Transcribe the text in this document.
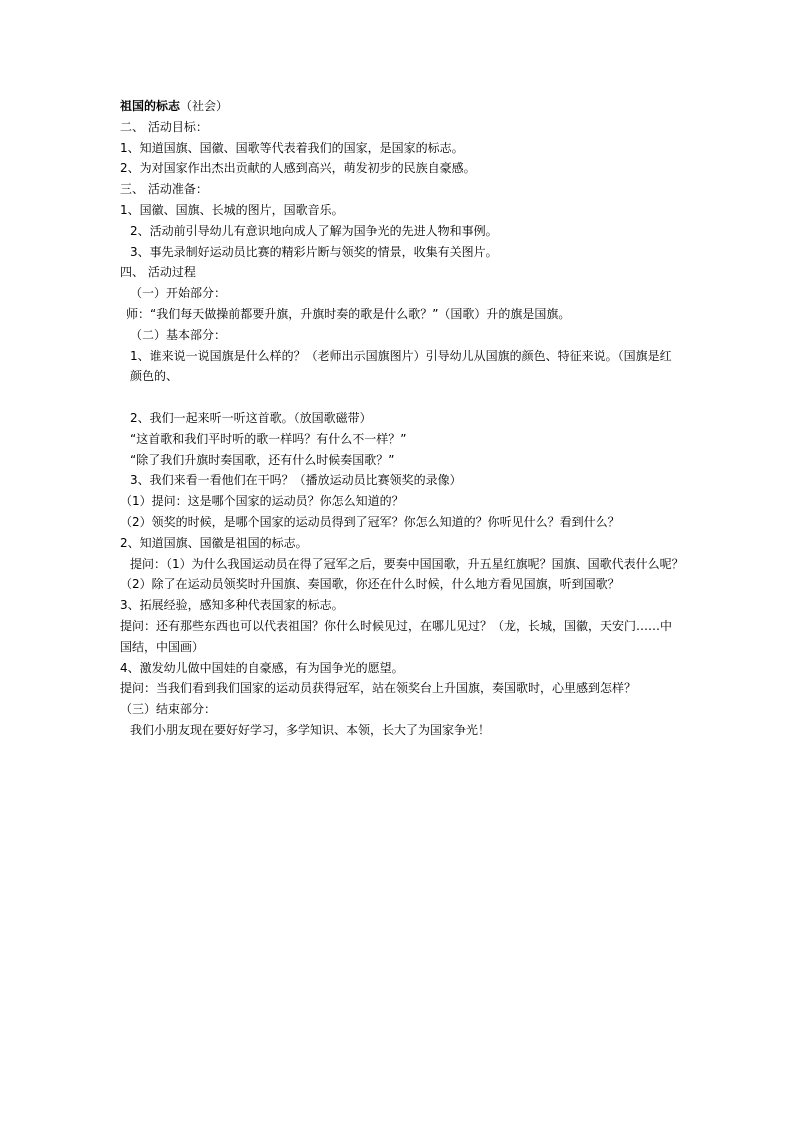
祖国的标志（社会）

二、 活动目标：

1、知道国旗、国徽、国歌等代表着我们的国家，是国家的标志。

2、为对国家作出杰出贡献的人感到高兴，萌发初步的民族自豪感。

三、 活动准备：

1、国徽、国旗、长城的图片，国歌音乐。

2、活动前引导幼儿有意识地向成人了解为国争光的先进人物和事例。

3、事先录制好运动员比赛的精彩片断与领奖的情景，收集有关图片。

四、 活动过程

（一）开始部分：

师：“我们每天做操前都要升旗，升旗时奏的歌是什么歌？”（国歌）升的旗是国旗。

（二）基本部分：

1、谁来说一说国旗是什么样的？（老师出示国旗图片）引导幼儿从国旗的颜色、特征来说。（国旗是红颜色的、

2、我们一起来听一听这首歌。（放国歌磁带）

“这首歌和我们平时听的歌一样吗？有什么不一样？”

“除了我们升旗时奏国歌，还有什么时候奏国歌？”

3、我们来看一看他们在干吗？（播放运动员比赛领奖的录像）

（1）提问：这是哪个国家的运动员？你怎么知道的？

（2）领奖的时候，是哪个国家的运动员得到了冠军？你怎么知道的？你听见什么？看到什么？

2、知道国旗、国徽是祖国的标志。

提问：（1）为什么我国运动员在得了冠军之后，要奏中国国歌，升五星红旗呢？国旗、国歌代表什么呢？

（2）除了在运动员领奖时升国旗、奏国歌，你还在什么时候，什么地方看见国旗，听到国歌？

3、拓展经验，感知多种代表国家的标志。

提问：还有那些东西也可以代表祖国？你什么时候见过，在哪儿见过？（龙，长城，国徽，天安门……中国结，中国画）

4、激发幼儿做中国娃的自豪感，有为国争光的愿望。

提问：当我们看到我们国家的运动员获得冠军，站在领奖台上升国旗，奏国歌时，心里感到怎样？

（三）结束部分：

我们小朋友现在要好好学习，多学知识、本领，长大了为国家争光！
